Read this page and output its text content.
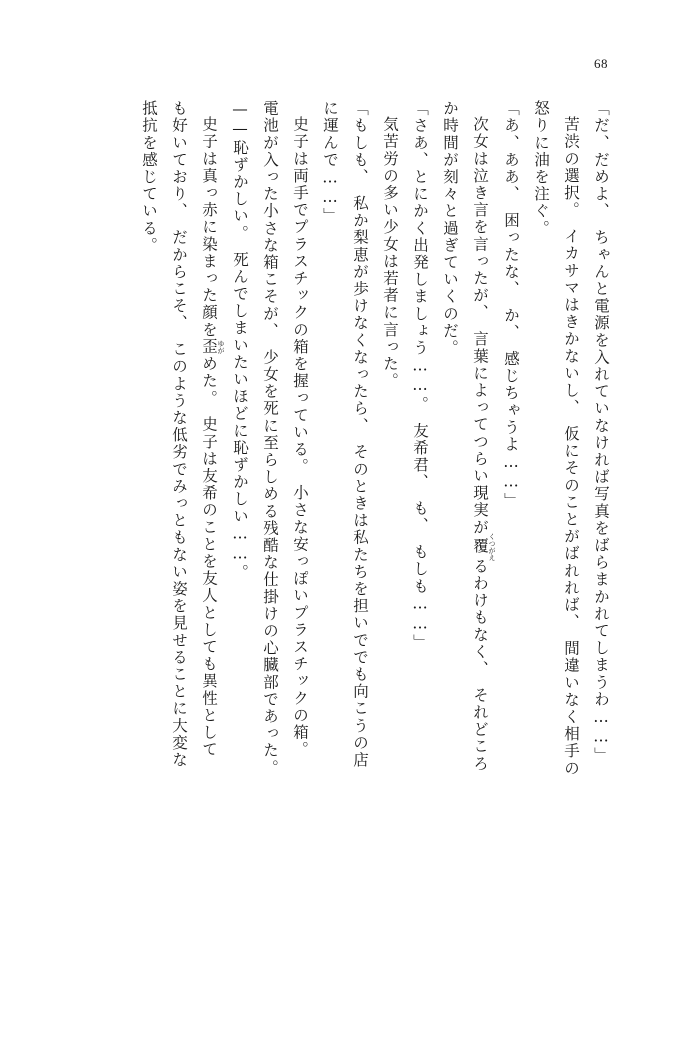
68

「だ、だめよ、　ちゃんと電源を入れていなければ写真をばらまかれてしまうわ……」

苦渋の選択。　イカサマはきかないし、　仮にそのことがばれれば、　間違いなく相手の

怒りに油を注ぐ。

「あ、ああ、　困ったな、　か、　感じちゃうよ……」

次女は泣き言を言ったが、　言葉によってつらい現実が覆 くつがえるわけもなく、　それどころ

か時間が刻々と過ぎていくのだ。

「さあ、とにかく出発しましょう……。　友希君、　も、　もしも……」

気苦労の多い少女は若者に言った。

「もしも、　私か梨恵が歩けなくなったら、　そのときは私たちを担いででも向こうの店

に運んで……」

史子は両手でプラスチックの箱を握っている。　小さな安っぽいプラスチックの箱。

電池が入った小さな箱こそが、　少女を死に至らしめる残酷な仕掛けの心臓部であった。

——恥ずかしい。　死んでしまいたいほどに恥ずかしい……。

史子は真っ赤に染まった顔を歪 ゆがめた。　史子は友希のことを友人としても異性として

も好いており、　だからこそ、　このような低劣でみっともない姿を見せることに大変な

抵抗を感じている。
